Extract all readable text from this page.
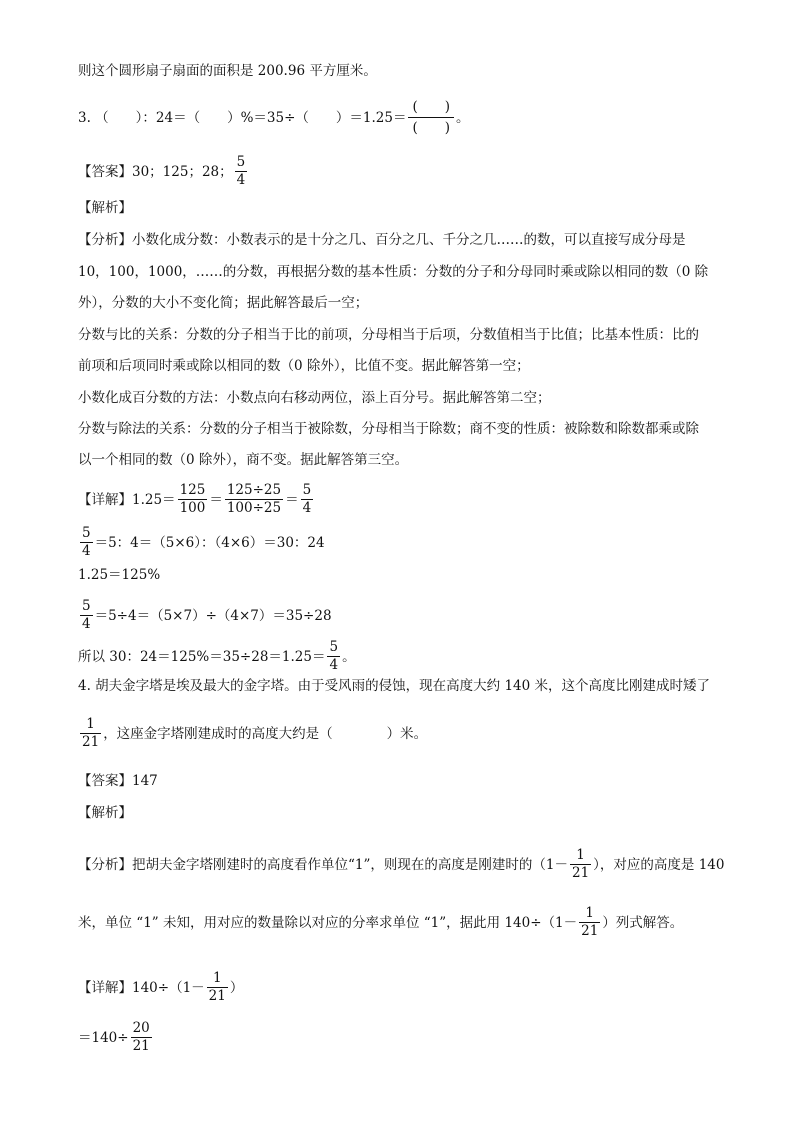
则这个圆形扇子扇面的面积是 200.96 平方厘米。
3. （　　）：24＝（　　）%＝35÷（　　）$=1.25= \frac{( )}{( )}$ 。
【答案】 30；125；28； $\frac{5}{4}$
【解析】
【分析】小数化成分数：小数表示的是十分之几、百分之几、千分之几……的数，可以直接写成分母是
10，100，1000，……的分数，再根据分数的基本性质：分数的分子和分母同时乘或除以相同的数（0 除
外），分数的大小不变化简；据此解答最后一空；
分数与比的关系：分数的分子相当于比的前项，分母相当于后项，分数值相当于比值；比基本性质：比的
前项和后项同时乘或除以相同的数（0 除外），比值不变。据此解答第一空；
小数化成百分数的方法：小数点向右移动两位，添上百分号。据此解答第二空；
分数与除法的关系：分数的分子相当于被除数，分母相当于除数；商不变的性质：被除数和除数都乘或除
以一个相同的数（0 除外），商不变。据此解答第三空。
【详解】$1.25= \frac{125}{100} = \frac{125\div 25}{100\div 25} = \frac{5}{4}$
$\frac{5}{4} =5$：4＝（5×6）：（4×6）＝30：24
1.25＝125%
$\frac{5}{4} =5\div 4=(5\times 7)\div(4\times 7)=35\div 28$
所以 30：$24=125\%=35\div 28=1.25= \frac{5}{4}$ 。
4. 胡夫金字塔是埃及最大的金字塔。由于受风雨的侵蚀，现在高度大约 140 米，这个高度比刚建成时矮了
$\frac{1}{21}$ ，这座金字塔刚建成时的高度大约是（　　　　）米。
【答案】 147
【解析】
【分析】把胡夫金字塔刚建时的高度看作单位“1”，则现在的高度是刚建时的（$1- \frac{1}{21}$ ），对应的高度是 140
米，单位 “1” 未知，用对应的数量除以对应的分率求单位 “1”，据此用 $140\div(1- \frac{1}{21}$ ）列式解答。
【详解】$140\div(1- \frac{1}{21}$ ）
$=140\div \frac{20}{21}$
